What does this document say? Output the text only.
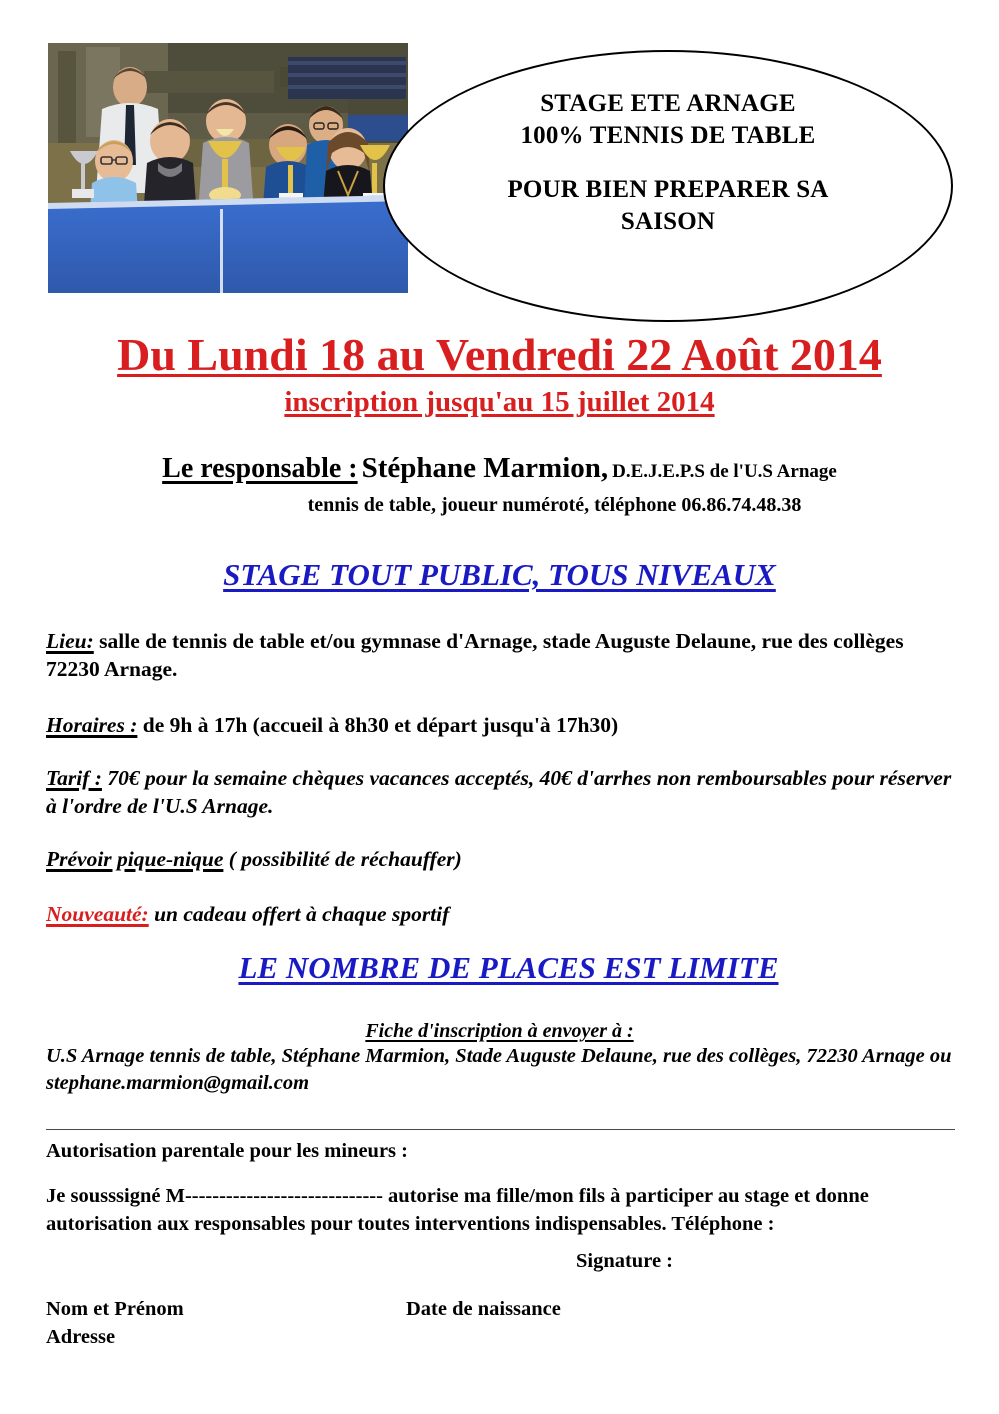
STAGE ETE ARNAGE
100% TENNIS DE TABLE
POUR BIEN PREPARER SA SAISON
Du Lundi 18 au Vendredi 22 Août 2014
inscription jusqu'au 15 juillet 2014
Le responsable : Stéphane Marmion, D.E.J.E.P.S de l'U.S Arnage
tennis de table, joueur numéroté, téléphone 06.86.74.48.38
STAGE TOUT PUBLIC, TOUS NIVEAUX
Lieu: salle de tennis de table et/ou gymnase d'Arnage, stade Auguste Delaune, rue des collèges 72230 Arnage.
Horaires : de 9h à 17h (accueil à 8h30 et départ jusqu'à 17h30)
Tarif : 70€ pour la semaine chèques vacances acceptés, 40€ d'arrhes non remboursables pour réserver à l'ordre de l'U.S Arnage.
Prévoir pique-nique ( possibilité de réchauffer)
Nouveauté: un cadeau offert à chaque sportif
LE NOMBRE DE PLACES EST LIMITE
Fiche d'inscription à envoyer à :
U.S Arnage tennis de table, Stéphane Marmion, Stade Auguste Delaune, rue des collèges, 72230 Arnage ou stephane.marmion@gmail.com
Autorisation parentale pour les mineurs :
Je sousssigné M----------------------------- autorise ma fille/mon fils à participer au stage et donne autorisation aux responsables pour toutes interventions indispensables. Téléphone :
Signature :
Nom et Prénom	Date de naissance
Adresse
